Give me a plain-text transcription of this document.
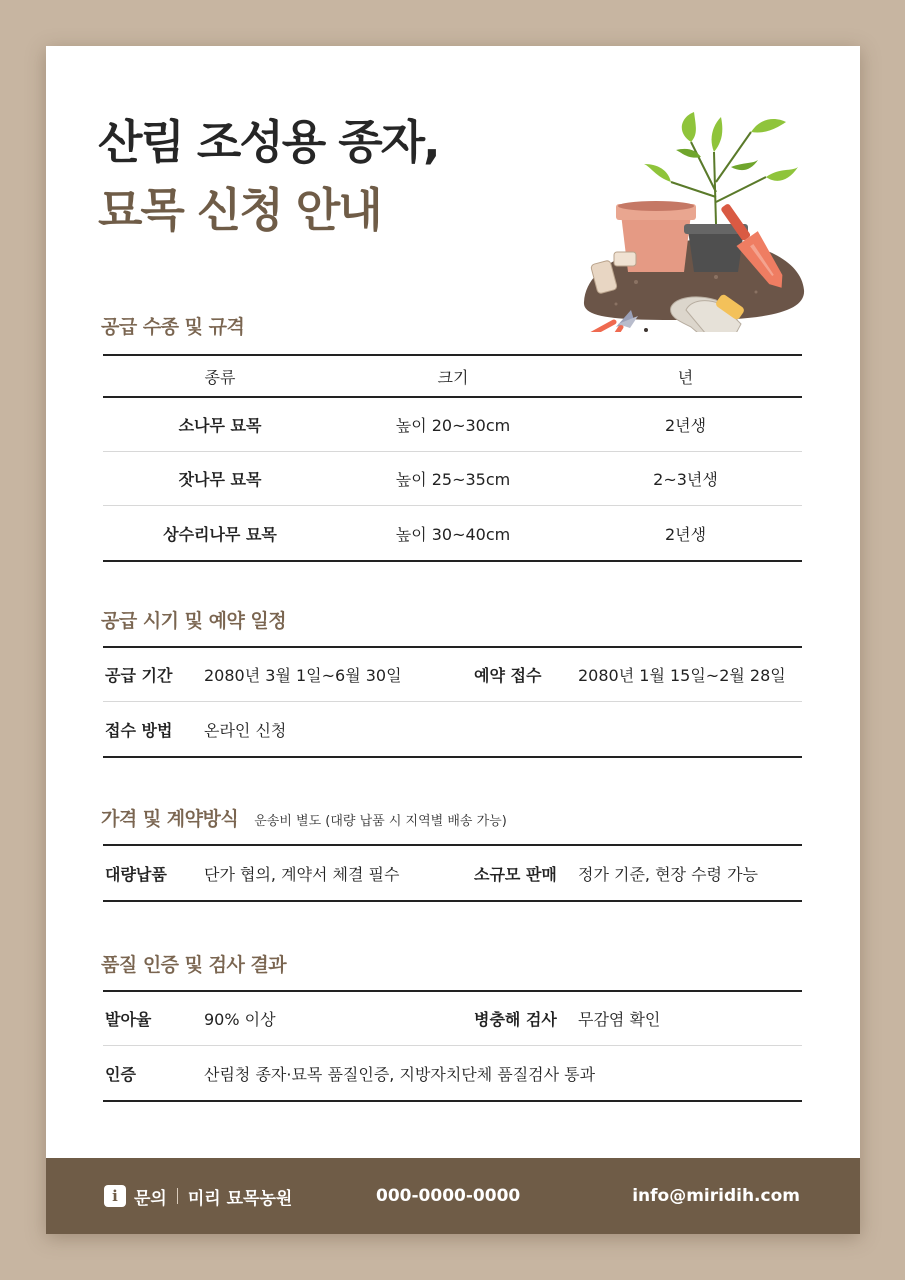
산림 조성용 종자,
묘목 신청 안내
공급 수종 및 규격
종류	크기	년
소나무 묘목	높이 20~30cm	2년생
잣나무 묘목	높이 25~35cm	2~3년생
상수리나무 묘목	높이 30~40cm	2년생
공급 시기 및 예약 일정
공급 기간	2080년 3월 1일~6월 30일	예약 접수	2080년 1월 15일~2월 28일
접수 방법	온라인 신청
가격 및 계약방식 운송비 별도 (대량 납품 시 지역별 배송 가능)
대량납품	단가 협의, 계약서 체결 필수	소규모 판매	정가 기준, 현장 수령 가능
품질 인증 및 검사 결과
발아율	90% 이상	병충해 검사	무감염 확인
인증	산림청 종자·묘목 품질인증, 지방자치단체 품질검사 통과
i 문의 미리 묘목농원	000-0000-0000	info@miridih.com
